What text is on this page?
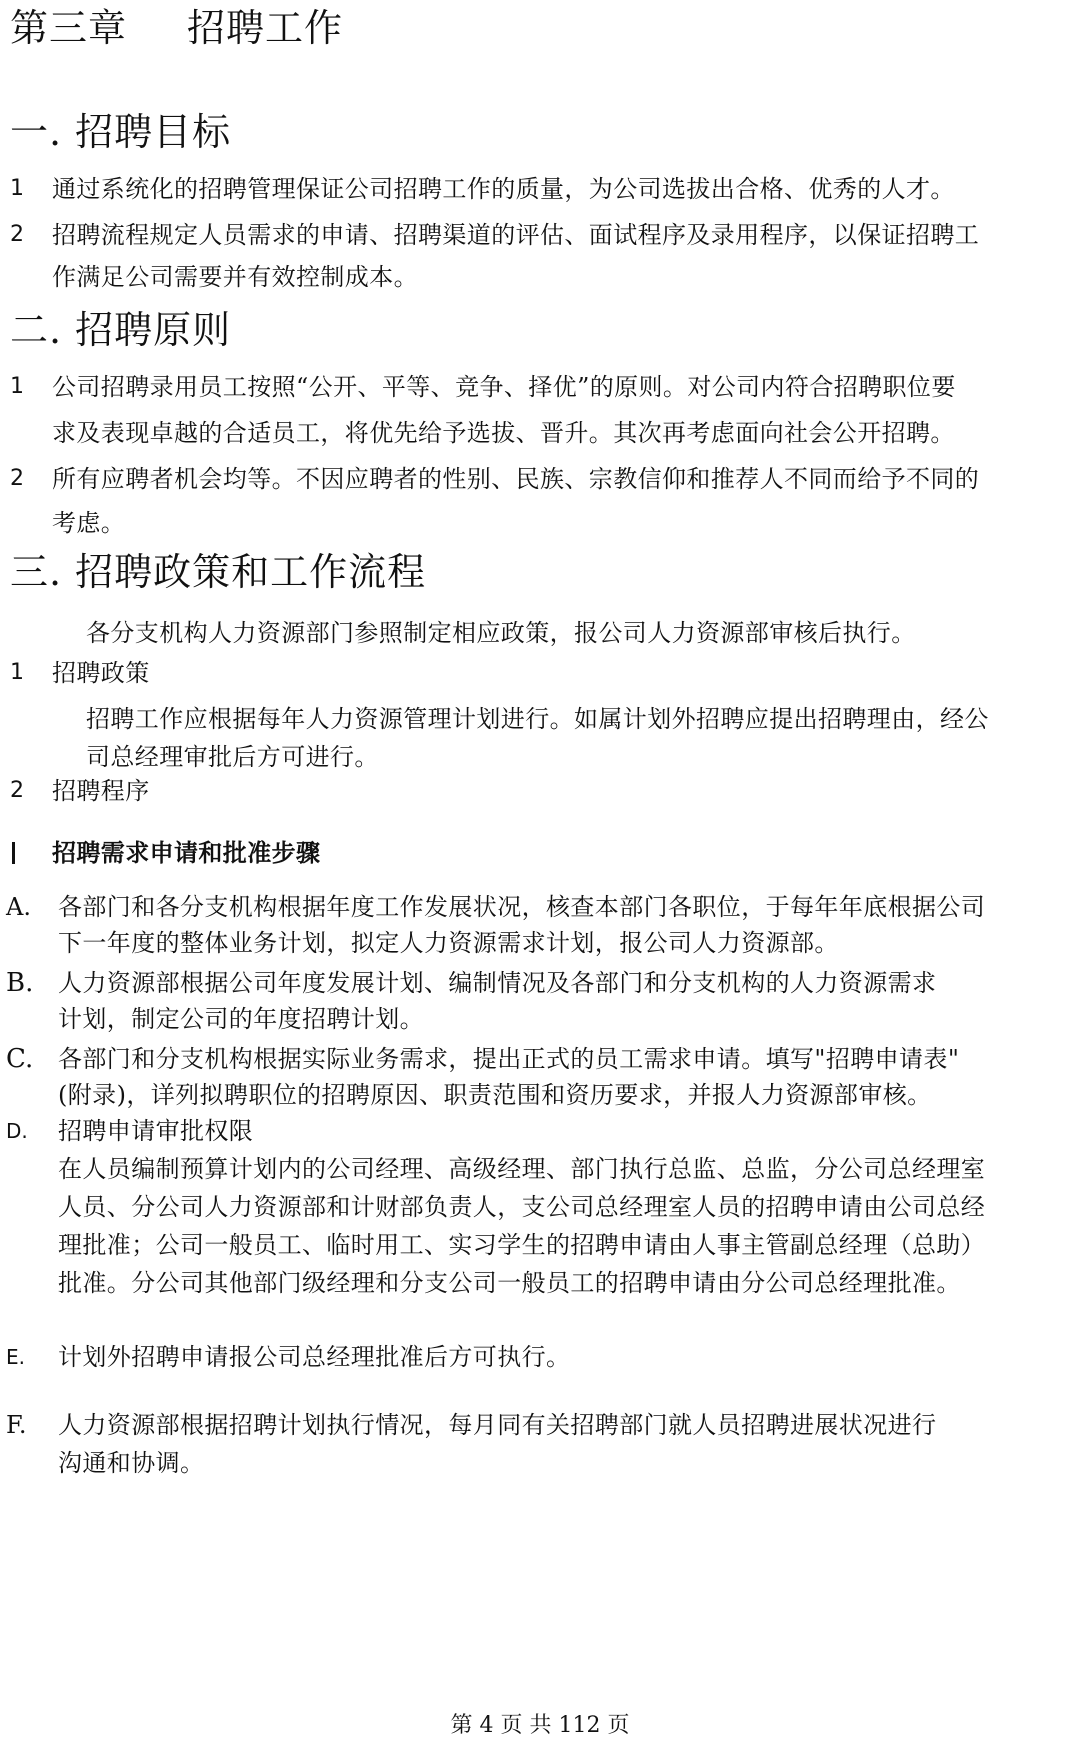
第三章 招聘工作
一. 招聘目标
1	通过系统化的招聘管理保证公司招聘工作的质量，为公司选拔出合格、优秀的人才。
2	招聘流程规定人员需求的申请、招聘渠道的评估、面试程序及录用程序，以保证招聘工
作满足公司需要并有效控制成本。
二. 招聘原则
1	公司招聘录用员工按照“公开、平等、竞争、择优”的原则。对公司内符合招聘职位要
求及表现卓越的合适员工，将优先给予选拔、晋升。其次再考虑面向社会公开招聘。
2	所有应聘者机会均等。不因应聘者的性别、民族、宗教信仰和推荐人不同而给予不同的
考虑。
三. 招聘政策和工作流程
各分支机构人力资源部门参照制定相应政策，报公司人力资源部审核后执行。
1	招聘政策
招聘工作应根据每年人力资源管理计划进行。如属计划外招聘应提出招聘理由，经公
司总经理审批后方可进行。
2	招聘程序
招聘需求申请和批准步骤
A.	各部门和各分支机构根据年度工作发展状况，核查本部门各职位，于每年年底根据公司
下一年度的整体业务计划，拟定人力资源需求计划，报公司人力资源部。
B.	人力资源部根据公司年度发展计划、编制情况及各部门和分支机构的人力资源需求
计划，制定公司的年度招聘计划。
C.	各部门和分支机构根据实际业务需求，提出正式的员工需求申请。填写"招聘申请表"
(附录)，详列拟聘职位的招聘原因、职责范围和资历要求，并报人力资源部审核。
D.	招聘申请审批权限
在人员编制预算计划内的公司经理、高级经理、部门执行总监、总监，分公司总经理室
人员、分公司人力资源部和计财部负责人，支公司总经理室人员的招聘申请由公司总经
理批准；公司一般员工、临时用工、实习学生的招聘申请由人事主管副总经理（总助）
批准。分公司其他部门级经理和分支公司一般员工的招聘申请由分公司总经理批准。
E.	计划外招聘申请报公司总经理批准后方可执行。
F.	人力资源部根据招聘计划执行情况，每月同有关招聘部门就人员招聘进展状况进行
沟通和协调。
第 4 页 共 112 页
